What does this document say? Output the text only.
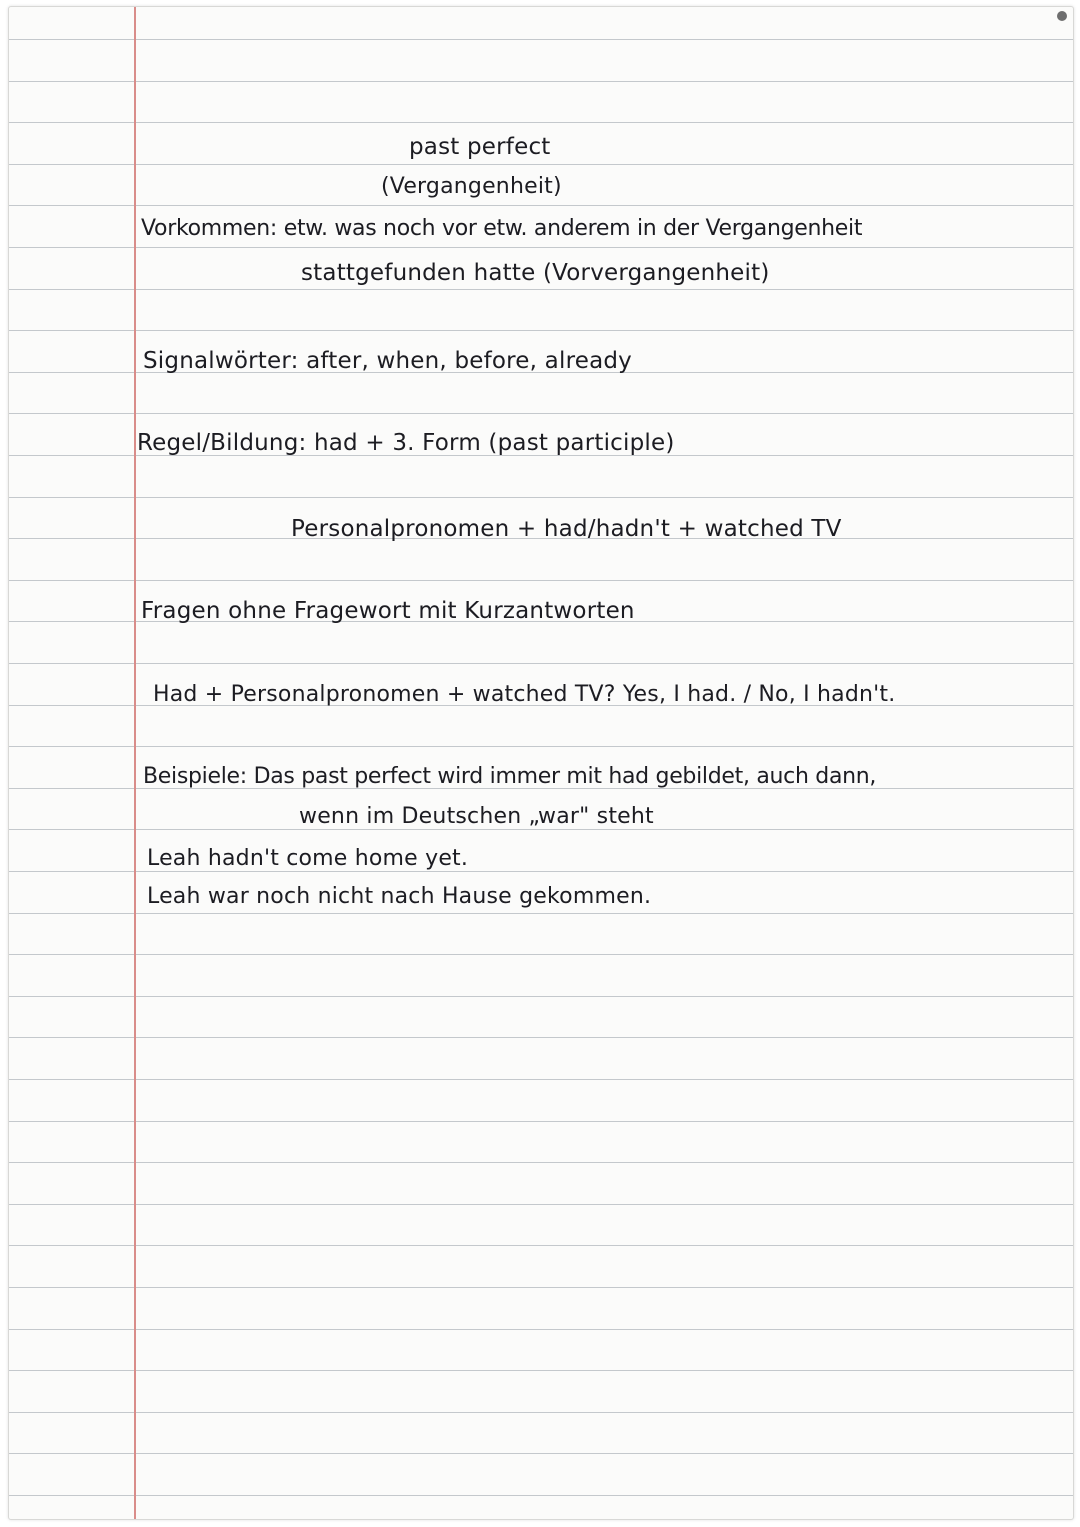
past perfect
(Vergangenheit)
Vorkommen: etw. was noch vor etw. anderem in der Vergangenheit
stattgefunden hatte (Vorvergangenheit)
Signalwörter: after, when, before, already
Regel/Bildung: had + 3. Form (past participle)
Personalpronomen + had/hadn't + watched TV
Fragen ohne Fragewort mit Kurzantworten
Had + Personalpronomen + watched TV? Yes, I had. / No, I hadn't.
Beispiele: Das past perfect wird immer mit had gebildet, auch dann,
wenn im Deutschen „war" steht
Leah hadn't come home yet.
Leah war noch nicht nach Hause gekommen.
